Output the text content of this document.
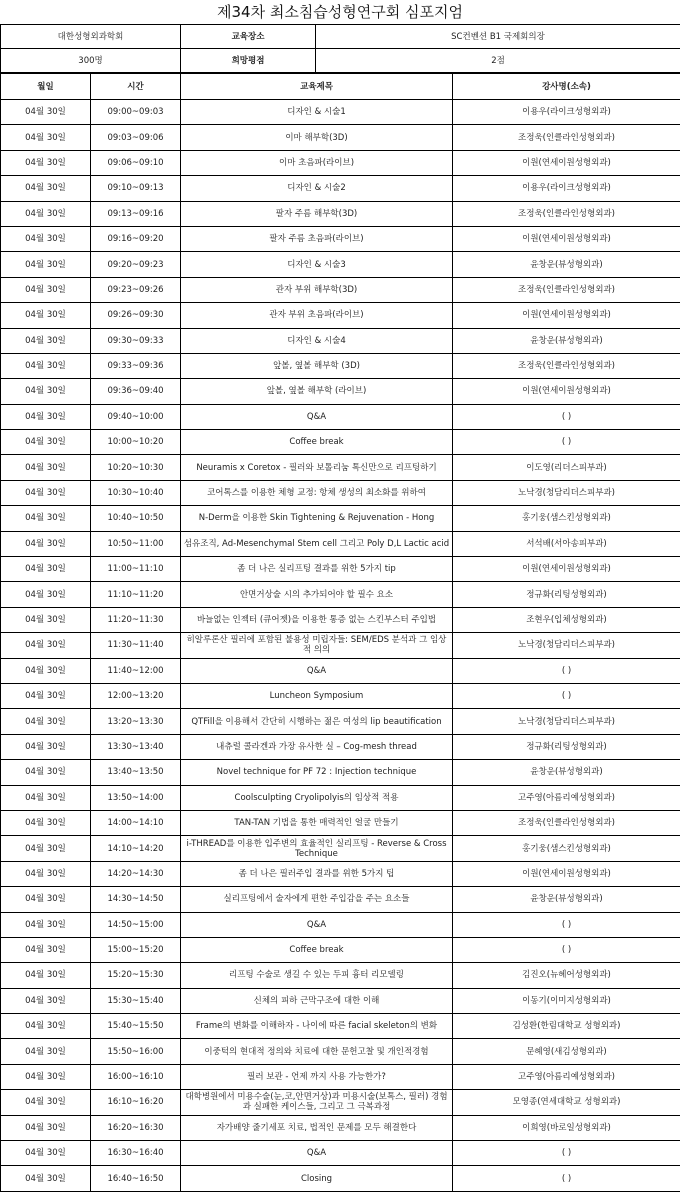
제34차 최소침습성형연구회 심포지엄
대한성형외과학회	교육장소	SC컨벤션 B1 국제회의장
300명	희망평점	2점
월일	시간	교육제목	강사명(소속)
04월 30일	09:00~09:03	디자인 & 시술1	이용우(라이크성형외과)
04월 30일	09:03~09:06	이마 해부학(3D)	조정욱(인클라인성형외과)
04월 30일	09:06~09:10	이마 초음파(라이브)	이원(연세이원성형외과)
04월 30일	09:10~09:13	디자인 & 시술2	이용우(라이크성형외과)
04월 30일	09:13~09:16	팔자 주름 해부학(3D)	조정욱(인클라인성형외과)
04월 30일	09:16~09:20	팔자 주름 초음파(라이브)	이원(연세이원성형외과)
04월 30일	09:20~09:23	디자인 & 시술3	윤창운(뷰성형외과)
04월 30일	09:23~09:26	관자 부위 해부학(3D)	조정욱(인클라인성형외과)
04월 30일	09:26~09:30	관자 부위 초음파(라이브)	이원(연세이원성형외과)
04월 30일	09:30~09:33	디자인 & 시술4	윤창운(뷰성형외과)
04월 30일	09:33~09:36	앞볼, 옆볼 해부학 (3D)	조정욱(인클라인성형외과)
04월 30일	09:36~09:40	앞볼, 옆볼 해부학 (라이브)	이원(연세이원성형외과)
04월 30일	09:40~10:00	Q&A	( )
04월 30일	10:00~10:20	Coffee break	( )
04월 30일	10:20~10:30	Neuramis x Coretox - 필러와 보톨리눔 톡신만으로 리프팅하기	이도영(리더스피부과)
04월 30일	10:30~10:40	코어톡스를 이용한 체형 교정: 항체 생성의 최소화를 위하여	노낙경(청담리더스피부과)
04월 30일	10:40~10:50	N-Derm을 이용한 Skin Tightening & Rejuvenation - Hong	홍기웅(샘스킨성형외과)
04월 30일	10:50~11:00	섬유조직, Ad-Mesenchymal Stem cell 그리고 Poly D,L Lactic acid	서석배(서아송피부과)
04월 30일	11:00~11:10	좀 더 나은 실리프팅 결과를 위한 5가지 tip	이원(연세이원성형외과)
04월 30일	11:10~11:20	안면거상술 시의 추가되어야 할 필수 요소	정규화(리팅성형외과)
04월 30일	11:20~11:30	바늘없는 인젝터 (큐어젯)을 이용한 통증 없는 스킨부스터 주입법	조현우(입체성형외과)
04월 30일	11:30~11:40	히알루론산 필러에 포함된 불용성 미립자들: SEM/EDS 분석과 그 임상적 의의	노낙경(청담리더스피부과)
04월 30일	11:40~12:00	Q&A	( )
04월 30일	12:00~13:20	Luncheon Symposium	( )
04월 30일	13:20~13:30	QTFill을 이용해서 간단히 시행하는 젊은 여성의 lip beautification	노낙경(청담리더스피부과)
04월 30일	13:30~13:40	내츄럴 콜라겐과 가장 유사한 실 – Cog-mesh thread	정규화(리팅성형외과)
04월 30일	13:40~13:50	Novel technique for PF 72 : Injection technique	윤창운(뷰성형외과)
04월 30일	13:50~14:00	Coolsculpting Cryolipolyis의 임상적 적용	고주영(아름리예성형외과)
04월 30일	14:00~14:10	TAN-TAN 기법을 통한 매력적인 얼굴 만들기	조정욱(인클라인성형외과)
04월 30일	14:10~14:20	i-THREAD를 이용한 입주변의 효율적인 실리프팅 - Reverse & Cross Technique	홍기웅(샘스킨성형외과)
04월 30일	14:20~14:30	좀 더 나은 필러주입 결과를 위한 5가지 팁	이원(연세이원성형외과)
04월 30일	14:30~14:50	실리프팅에서 술자에게 편한 주입감을 주는 요소들	윤창운(뷰성형외과)
04월 30일	14:50~15:00	Q&A	( )
04월 30일	15:00~15:20	Coffee break	( )
04월 30일	15:20~15:30	리프팅 수술로 생길 수 있는 두피 흉터 리모델링	김진오(뉴헤어성형외과)
04월 30일	15:30~15:40	신체의 피하 근막구조에 대한 이해	이동기(이미지성형외과)
04월 30일	15:40~15:50	Frame의 변화를 이해하자 - 나이에 따른 facial skeleton의 변화	김성환(한림대학교 성형외과)
04월 30일	15:50~16:00	이중턱의 현대적 정의와 치료에 대한 문헌고찰 및 개인적경험	문혜영(새김성형외과)
04월 30일	16:00~16:10	필러 보관 - 언제 까지 사용 가능한가?	고주영(아름리예성형외과)
04월 30일	16:10~16:20	대학병원에서 미용수술(눈,코,안면거상)과 미용시술(보톡스, 필러) 경험과 실패한 케이스들, 그리고 그 극복과정	모영종(연세대학교 성형외과)
04월 30일	16:20~16:30	자가배양 줄기세포 치료, 법적인 문제를 모두 해결한다	이희영(바로일성형외과)
04월 30일	16:30~16:40	Q&A	( )
04월 30일	16:40~16:50	Closing	( )
